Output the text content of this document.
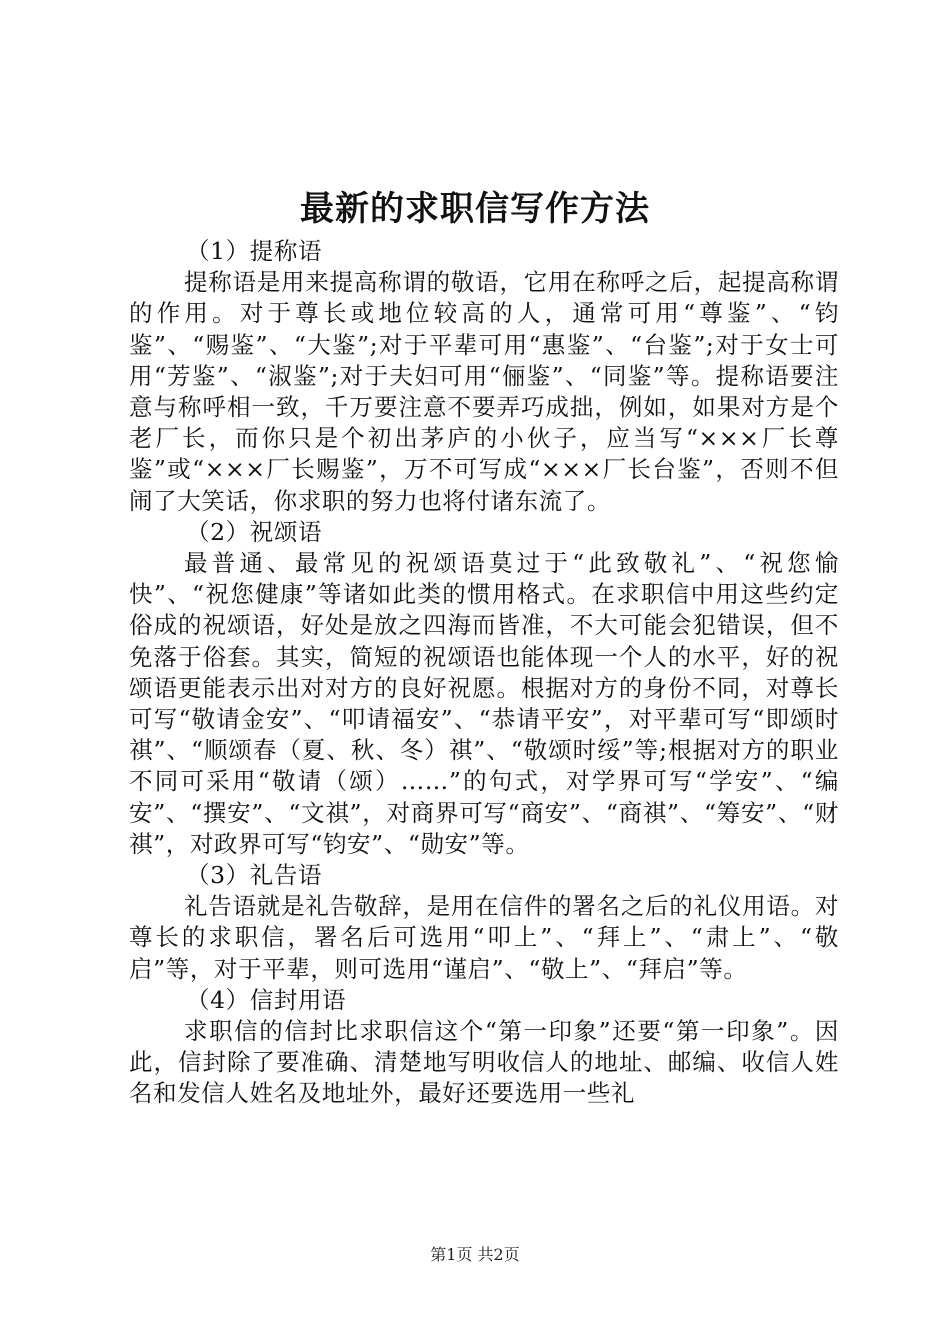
最新的求职信写作方法

（1）提称语

提称语是用来提高称谓的敬语，它用在称呼之后，起提高称谓的作用。对于尊长或地位较高的人，通常可用“尊鉴”、“钧鉴”、“赐鉴”、“大鉴”;对于平辈可用“惠鉴”、“台鉴”;对于女士可用“芳鉴”、“淑鉴”;对于夫妇可用“俪鉴”、“同鉴”等。提称语要注意与称呼相一致，千万要注意不要弄巧成拙，例如，如果对方是个老厂长，而你只是个初出茅庐的小伙子，应当写“×××厂长尊鉴”或“×××厂长赐鉴”，万不可写成“×××厂长台鉴”，否则不但闹了大笑话，你求职的努力也将付诸东流了。

（2）祝颂语

最普通、最常见的祝颂语莫过于“此致敬礼”、“祝您愉快”、“祝您健康”等诸如此类的惯用格式。在求职信中用这些约定俗成的祝颂语，好处是放之四海而皆准，不大可能会犯错误，但不免落于俗套。其实，简短的祝颂语也能体现一个人的水平，好的祝颂语更能表示出对对方的良好祝愿。根据对方的身份不同，对尊长可写“敬请金安”、“叩请福安”、“恭请平安”，对平辈可写“即颂时祺”、“顺颂春（夏、秋、冬）祺”、“敬颂时绥”等;根据对方的职业不同可采用“敬请（颂）……”的句式，对学界可写“学安”、“编安”、“撰安”、“文祺”，对商界可写“商安”、“商祺”、“筹安”、“财祺”，对政界可写“钧安”、“勋安”等。

（3）礼告语

礼告语就是礼告敬辞，是用在信件的署名之后的礼仪用语。对尊长的求职信，署名后可选用“叩上”、“拜上”、“肃上”、“敬启”等，对于平辈，则可选用“谨启”、“敬上”、“拜启”等。

（4）信封用语

求职信的信封比求职信这个“第一印象”还要“第一印象”。因此，信封除了要准确、清楚地写明收信人的地址、邮编、收信人姓名和发信人姓名及地址外，最好还要选用一些礼

第1页 共2页
